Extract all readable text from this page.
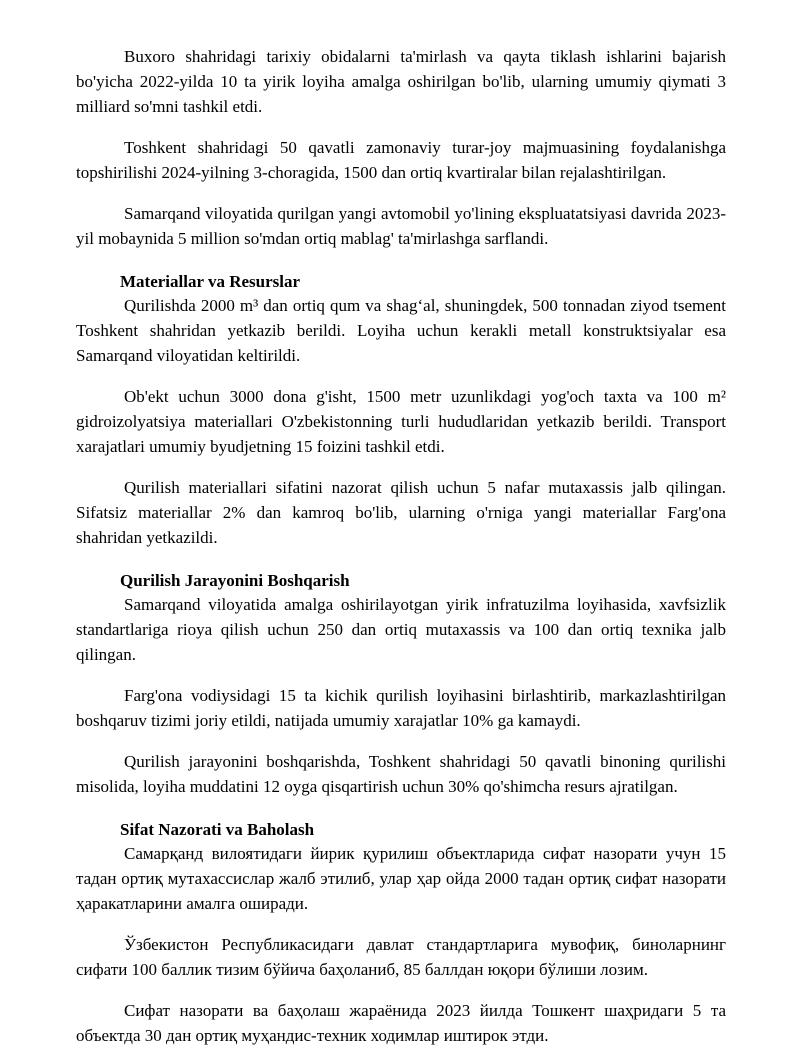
Buxoro shahridagi tarixiy obidalarni ta'mirlash va qayta tiklash ishlarini bajarish bo'yicha 2022-yilda 10 ta yirik loyiha amalga oshirilgan bo'lib, ularning umumiy qiymati 3 milliard so'mni tashkil etdi.

Toshkent shahridagi 50 qavatli zamonaviy turar-joy majmuasining foydalanishga topshirilishi 2024-yilning 3-choragida, 1500 dan ortiq kvartiralar bilan rejalashtirilgan.

Samarqand viloyatida qurilgan yangi avtomobil yo'lining ekspluatatsiyasi davrida 2023-yil mobaynida 5 million so'mdan ortiq mablag' ta'mirlashga sarflandi.

Materiallar va Resurslar

Qurilishda 2000 m³ dan ortiq qum va shag‘al, shuningdek, 500 tonnadan ziyod tsement Toshkent shahridan yetkazib berildi. Loyiha uchun kerakli metall konstruktsiyalar esa Samarqand viloyatidan keltirildi.

Ob'ekt uchun 3000 dona g'isht, 1500 metr uzunlikdagi yog'och taxta va 100 m² gidroizolyatsiya materiallari O'zbekistonning turli hududlaridan yetkazib berildi. Transport xarajatlari umumiy byudjetning 15 foizini tashkil etdi.

Qurilish materiallari sifatini nazorat qilish uchun 5 nafar mutaxassis jalb qilingan. Sifatsiz materiallar 2% dan kamroq bo'lib, ularning o'rniga yangi materiallar Farg'ona shahridan yetkazildi.

Qurilish Jarayonini Boshqarish

Samarqand viloyatida amalga oshirilayotgan yirik infratuzilma loyihasida, xavfsizlik standartlariga rioya qilish uchun 250 dan ortiq mutaxassis va 100 dan ortiq texnika jalb qilingan.

Farg'ona vodiysidagi 15 ta kichik qurilish loyihasini birlashtirib, markazlashtirilgan boshqaruv tizimi joriy etildi, natijada umumiy xarajatlar 10% ga kamaydi.

Qurilish jarayonini boshqarishda, Toshkent shahridagi 50 qavatli binoning qurilishi misolida, loyiha muddatini 12 oyga qisqartirish uchun 30% qo'shimcha resurs ajratilgan.

Sifat Nazorati va Baholash

Самарқанд вилоятидаги йирик қурилиш объектларида сифат назорати учун 15 тадан ортиқ мутахассислар жалб этилиб, улар ҳар ойда 2000 тадан ортиқ сифат назорати ҳаракатларини амалга оширади.

Ўзбекистон Республикасидаги давлат стандартларига мувофиқ, биноларнинг сифати 100 баллик тизим бўйича баҳоланиб, 85 баллдан юқори бўлиши лозим.

Сифат назорати ва баҳолаш жараёнида 2023 йилда Тошкент шаҳридаги 5 та объектда 30 дан ортиқ муҳандис-техник ходимлар иштирок этди.
